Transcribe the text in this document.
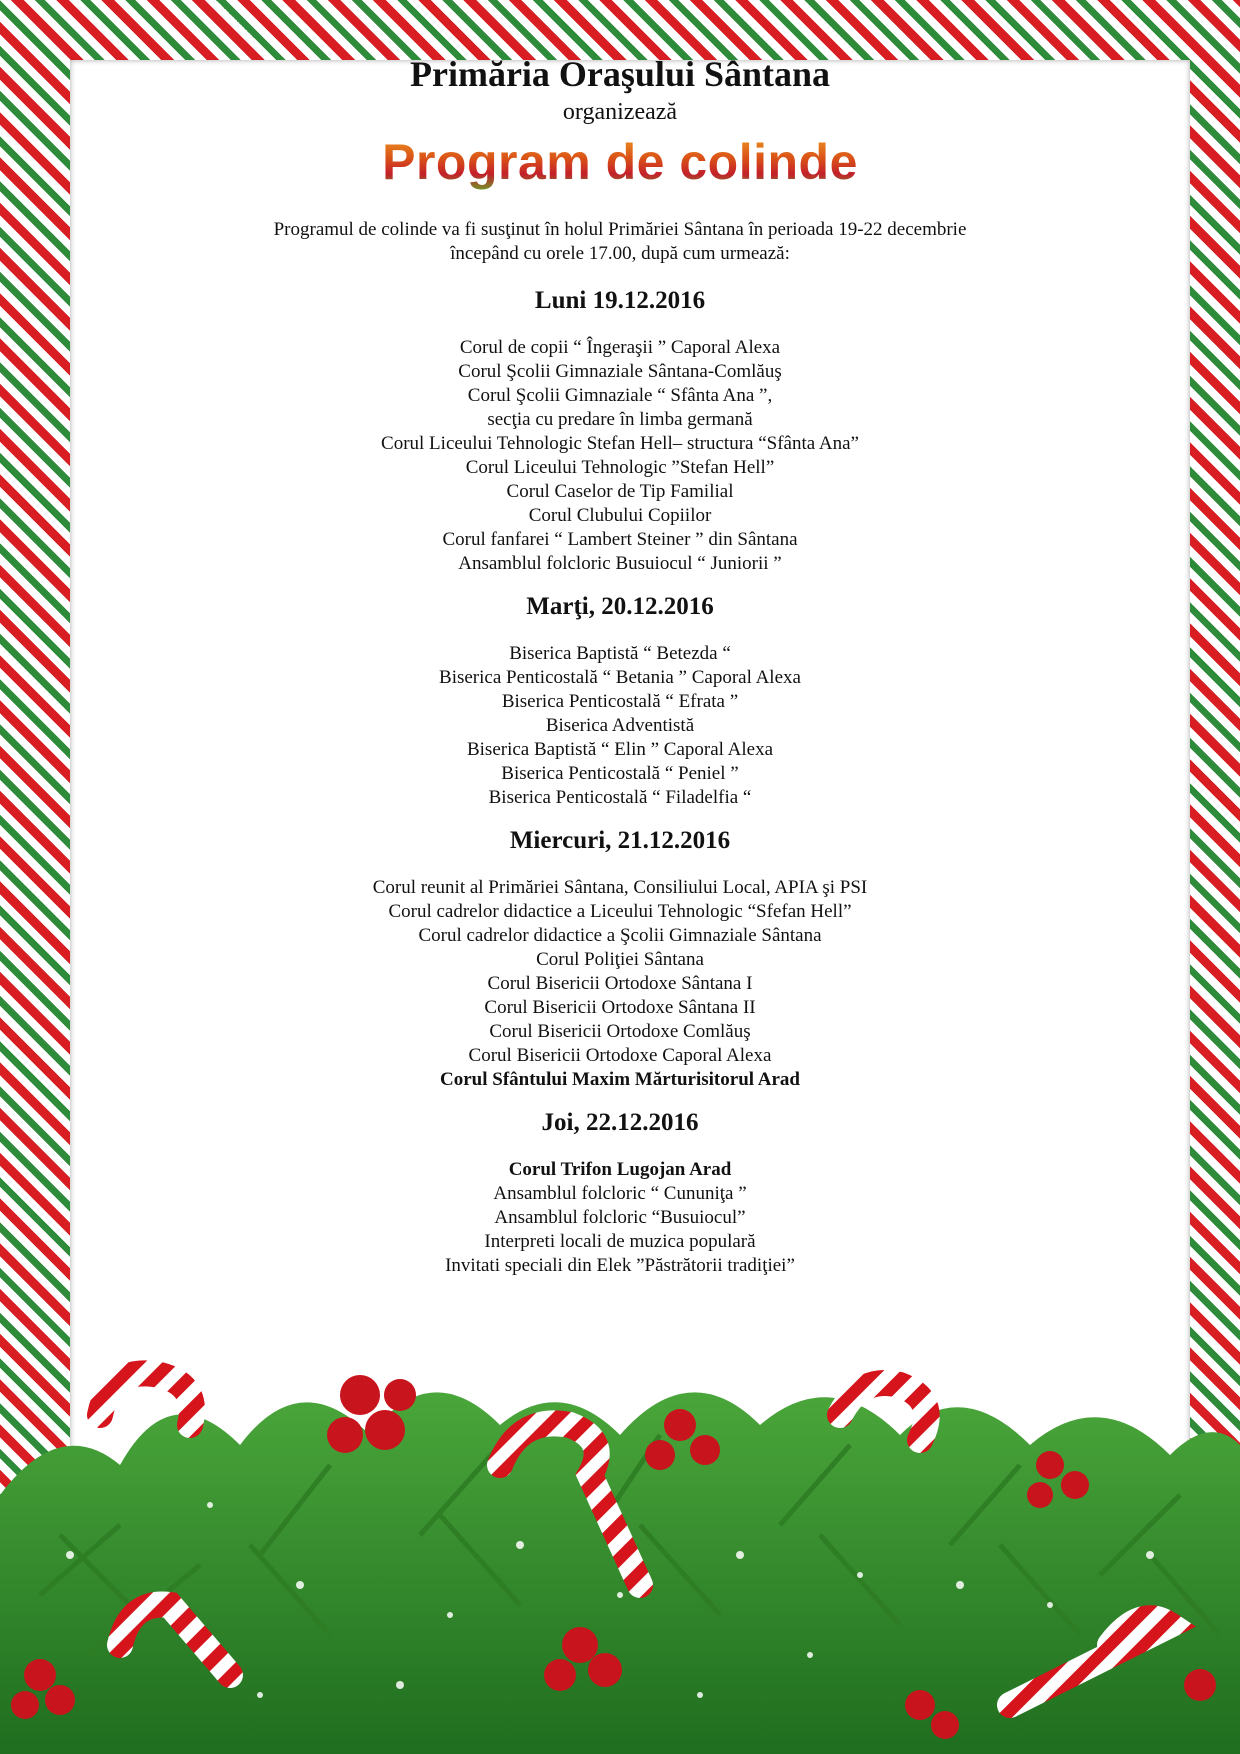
Primăria Oraşului Sântana

organizează

Program de colinde

Programul de colinde va fi susţinut în holul Primăriei Sântana în perioada 19-22 decembrie
începând cu orele 17.00, după cum urmează:

Luni 19.12.2016
Corul de copii “ Îngeraşii ” Caporal Alexa
Corul Şcolii Gimnaziale Sântana-Comlăuş
Corul Şcolii Gimnaziale “ Sfânta Ana ”,
secţia cu predare în limba germană
Corul Liceului Tehnologic Stefan Hell– structura “Sfânta Ana”
Corul Liceului Tehnologic ”Stefan Hell”
Corul Caselor de Tip Familial
Corul Clubului Copiilor
Corul fanfarei “ Lambert Steiner ” din Sântana
Ansamblul folcloric Busuiocul “ Juniorii ”
Marţi, 20.12.2016
Biserica Baptistă “ Betezda “
Biserica Penticostală “ Betania ” Caporal Alexa
Biserica Penticostală “ Efrata ”
Biserica Adventistă
Biserica Baptistă “ Elin ” Caporal Alexa
Biserica Penticostală “ Peniel ”
Biserica Penticostală “ Filadelfia “
Miercuri, 21.12.2016
Corul reunit al Primăriei Sântana, Consiliului Local, APIA şi PSI
Corul cadrelor didactice a Liceului Tehnologic “Sfefan Hell”
Corul cadrelor didactice a Şcolii Gimnaziale Sântana
Corul Poliţiei Sântana
Corul Bisericii Ortodoxe Sântana I
Corul Bisericii Ortodoxe Sântana II
Corul Bisericii Ortodoxe Comlăuş
Corul Bisericii Ortodoxe Caporal Alexa
Corul Sfântului Maxim Mărturisitorul Arad
Joi, 22.12.2016
Corul Trifon Lugojan Arad
Ansamblul folcloric “ Cununiţa ”
Ansamblul folcloric “Busuiocul”
Interpreti locali de muzica populară
Invitati speciali din Elek ”Păstrătorii tradiţiei”
